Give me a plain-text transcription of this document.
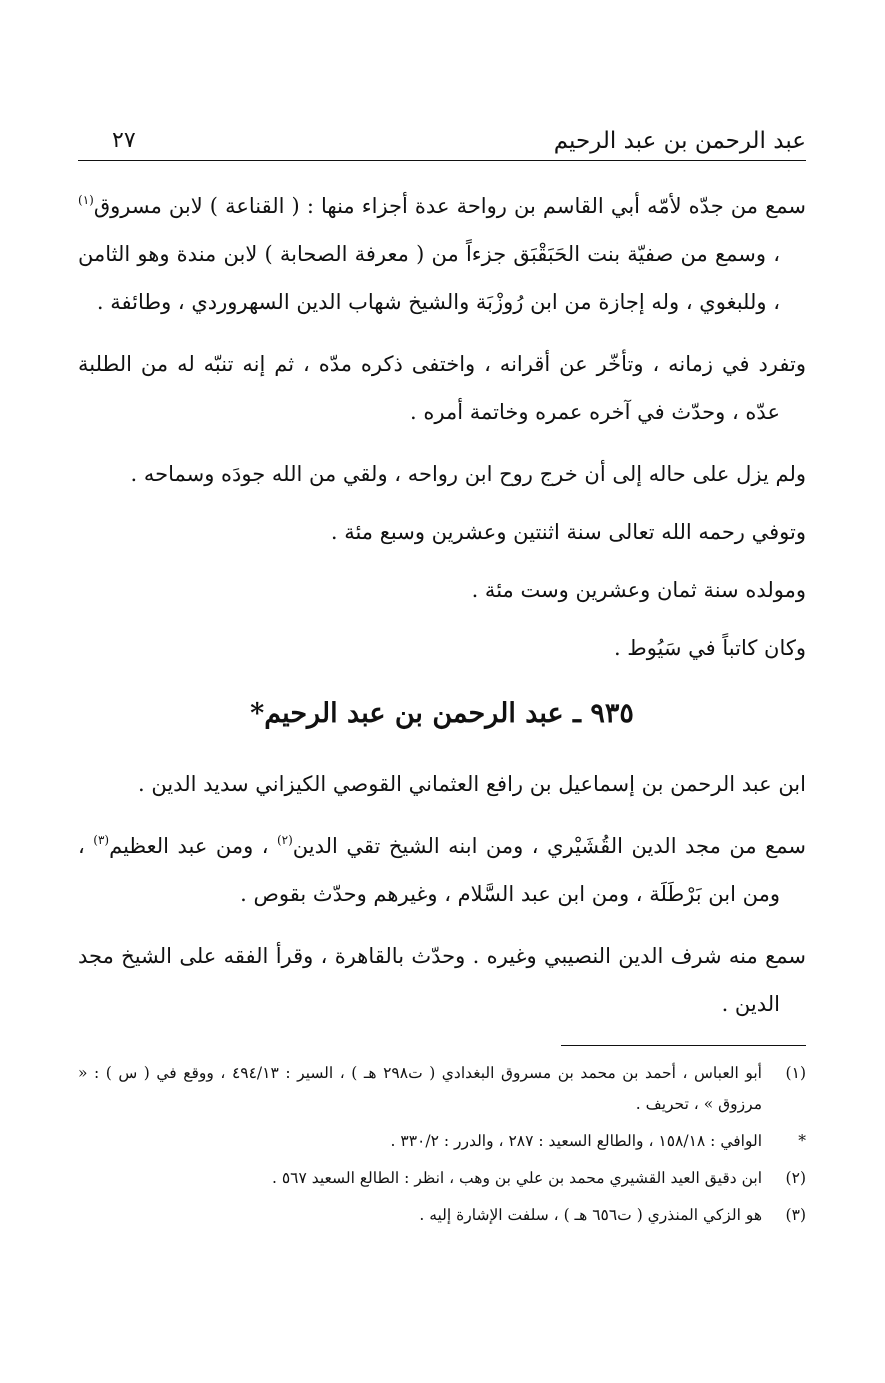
عبد الرحمن بن عبد الرحيم
٢٧

سمع من جدّه لأمّه أبي القاسم بن رواحة عدة أجزاء منها : ( القناعة ) لابن مسروق$^{(١)}$ ، وسمع من صفيّة بنت الحَبَقْبَق جزءاً من ( معرفة الصحابة ) لابن مندة وهو الثامن ، وللبغوي ، وله إجازة من ابن رُوزْبَة والشيخ شهاب الدين السهروردي ، وطائفة .

وتفرد في زمانه ، وتأخّر عن أقرانه ، واختفى ذكره مدّه ، ثم إنه تنبّه له من الطلبة عدّه ، وحدّث في آخره عمره وخاتمة أمره .

ولم يزل على حاله إلى أن خرج روح ابن رواحه ، ولقي من الله جودَه وسماحه .

وتوفي رحمه الله تعالى سنة اثنتين وعشرين وسبع مئة .

ومولده سنة ثمان وعشرين وست مئة .

وكان كاتباً في سَيُوط .

٩٣٥ ـ عبد الرحمن بن عبد الرحيم*

ابن عبد الرحمن بن إسماعيل بن رافع العثماني القوصي الكيزاني سديد الدين .

سمع من مجد الدين القُشَيْري ، ومن ابنه الشيخ تقي الدين$^{(٢)}$ ، ومن عبد العظيم$^{(٣)}$ ، ومن ابن بَرْطَلَة ، ومن ابن عبد السَّلام ، وغيرهم وحدّث بقوص .

سمع منه شرف الدين النصيبي وغيره . وحدّث بالقاهرة ، وقرأ الفقه على الشيخ مجد الدين .

(١)
أبو العباس ، أحمد بن محمد بن مسروق البغدادي ( ت٢٩٨ هـ ) ، السير : ٤٩٤/١٣ ، ووقع في ( س ) : « مرزوق » ، تحريف .
*
الوافي : ١٥٨/١٨ ، والطالع السعيد : ٢٨٧ ، والدرر : ٣٣٠/٢ .
(٢)
ابن دقيق العيد القشيري محمد بن علي بن وهب ، انظر : الطالع السعيد ٥٦٧ .
(٣)
هو الزكي المنذري ( ت٦٥٦ هـ ) ، سلفت الإشارة إليه .
